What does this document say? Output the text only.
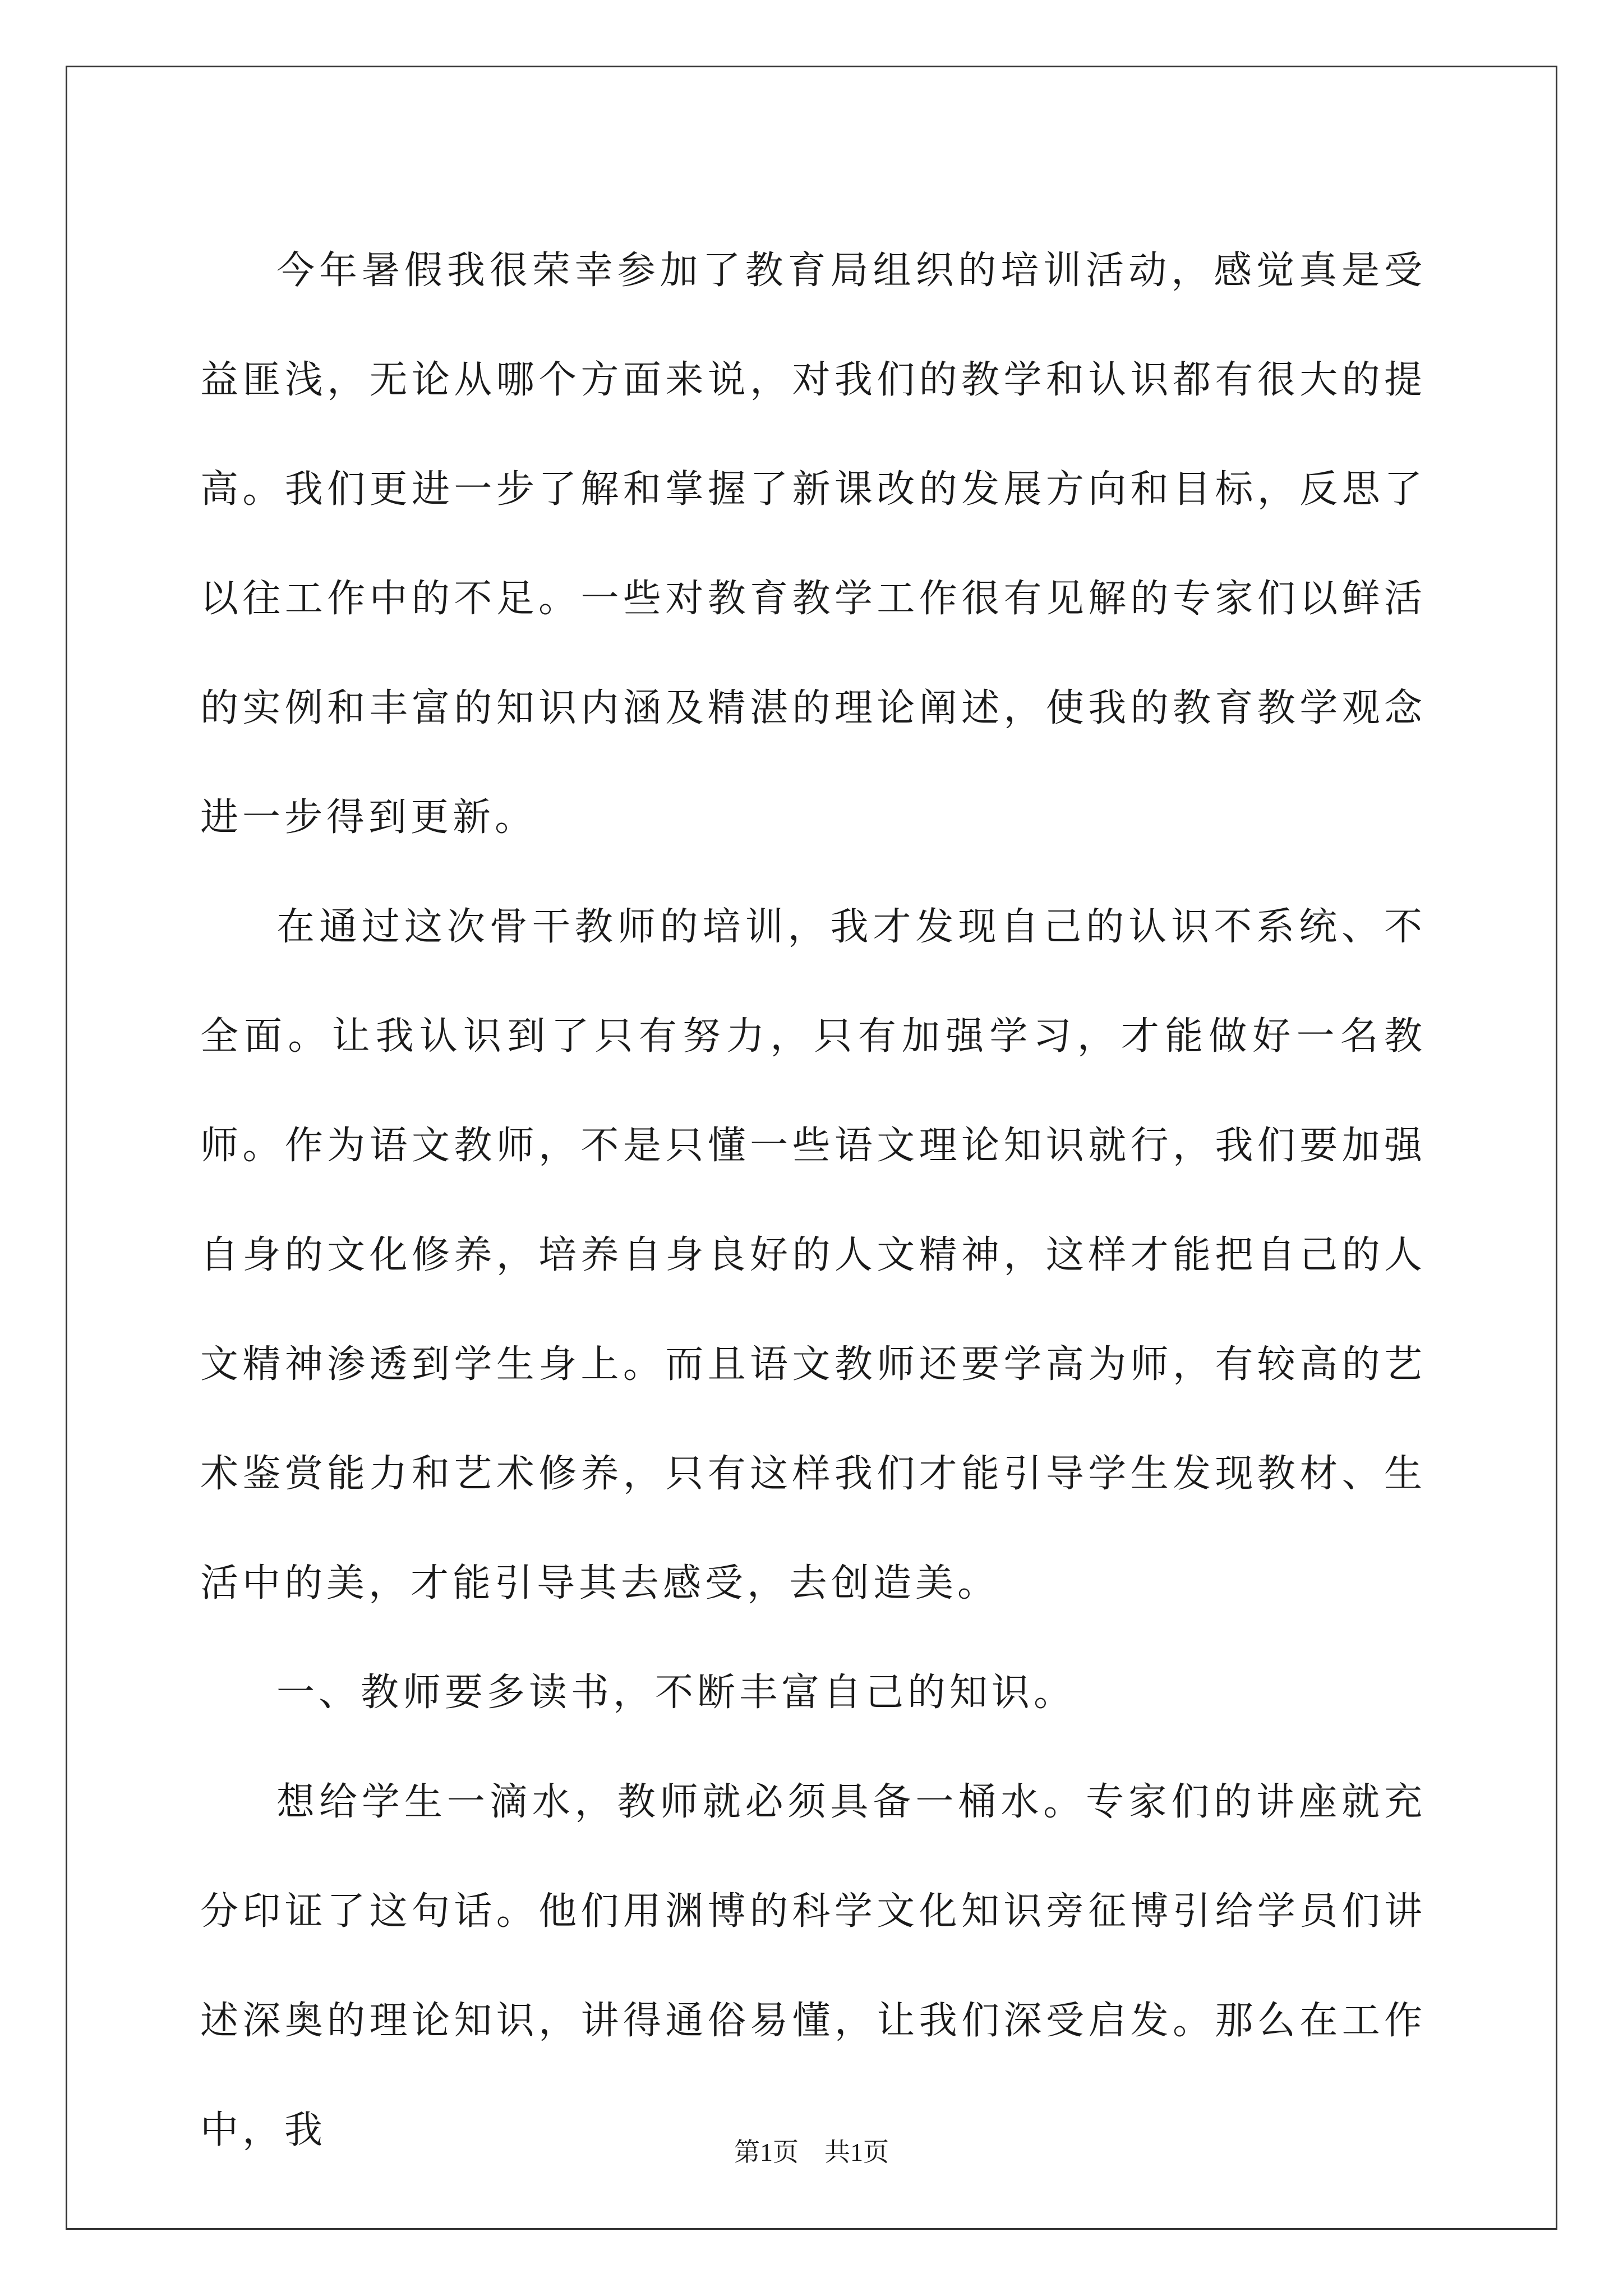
今年暑假我很荣幸参加了教育局组织的培训活动，感觉真是受益匪浅，无论从哪个方面来说，对我们的教学和认识都有很大的提高。我们更进一步了解和掌握了新课改的发展方向和目标，反思了以往工作中的不足。一些对教育教学工作很有见解的专家们以鲜活的实例和丰富的知识内涵及精湛的理论阐述，使我的教育教学观念进一步得到更新。

在通过这次骨干教师的培训，我才发现自己的认识不系统、不全面。让我认识到了只有努力，只有加强学习，才能做好一名教师。作为语文教师，不是只懂一些语文理论知识就行，我们要加强自身的文化修养，培养自身良好的人文精神，这样才能把自己的人文精神渗透到学生身上。而且语文教师还要学高为师，有较高的艺术鉴赏能力和艺术修养，只有这样我们才能引导学生发现教材、生活中的美，才能引导其去感受，去创造美。

一、教师要多读书，不断丰富自己的知识。

想给学生一滴水，教师就必须具备一桶水。专家们的讲座就充分印证了这句话。他们用渊博的科学文化知识旁征博引给学员们讲述深奥的理论知识，讲得通俗易懂，让我们深受启发。那么在工作中，我	第1页 共1页
